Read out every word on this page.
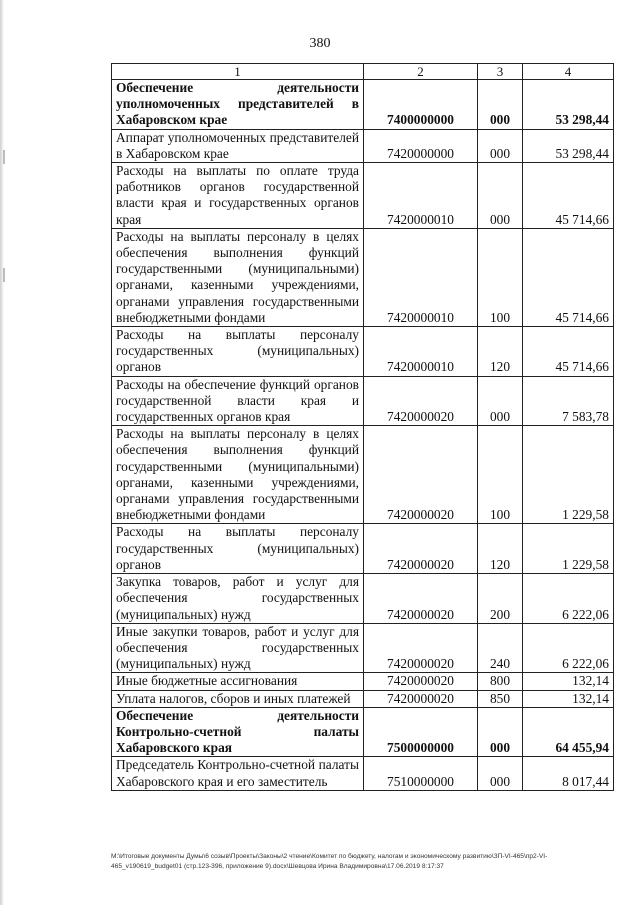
380
1	2	3	4
Обеспечение деятельности уполномоченных представителей в Хабаровском крае	7400000000	000	53 298,44
Аппарат уполномоченных представителей в Хабаровском крае	7420000000	000	53 298,44
Расходы на выплаты по оплате труда работников органов государственной власти края и государственных органов края	7420000010	000	45 714,66
Расходы на выплаты персоналу в целях обеспечения выполнения функций государственными (муниципальными) органами, казенными учреждениями, органами управления государственными внебюджетными фондами	7420000010	100	45 714,66
Расходы на выплаты персоналу государственных (муниципальных) органов	7420000010	120	45 714,66
Расходы на обеспечение функций органов государственной власти края и государственных органов края	7420000020	000	7 583,78
Расходы на выплаты персоналу в целях обеспечения выполнения функций государственными (муниципальными) органами, казенными учреждениями, органами управления государственными внебюджетными фондами	7420000020	100	1 229,58
Расходы на выплаты персоналу государственных (муниципальных) органов	7420000020	120	1 229,58
Закупка товаров, работ и услуг для обеспечения государственных (муниципальных) нужд	7420000020	200	6 222,06
Иные закупки товаров, работ и услуг для обеспечения государственных (муниципальных) нужд	7420000020	240	6 222,06
Иные бюджетные ассигнования	7420000020	800	132,14
Уплата налогов, сборов и иных платежей	7420000020	850	132,14
Обеспечение деятельности Контрольно-счетной палаты Хабаровского края	7500000000	000	64 455,94
Председатель Контрольно-счетной палаты Хабаровского края и его заместитель	7510000000	000	8 017,44
M:\Итоговые документы Думы\6 созыв\Проекты\Законы\2 чтение\Комитет по бюджету, налогам и экономическому развитию\ЗП-VI-465\пр2-VI-465_v190619_budget01 (стр.123-396, приложение 9).docx\Шевцова Ирина Владимировна\17.06.2019 8:17:37
